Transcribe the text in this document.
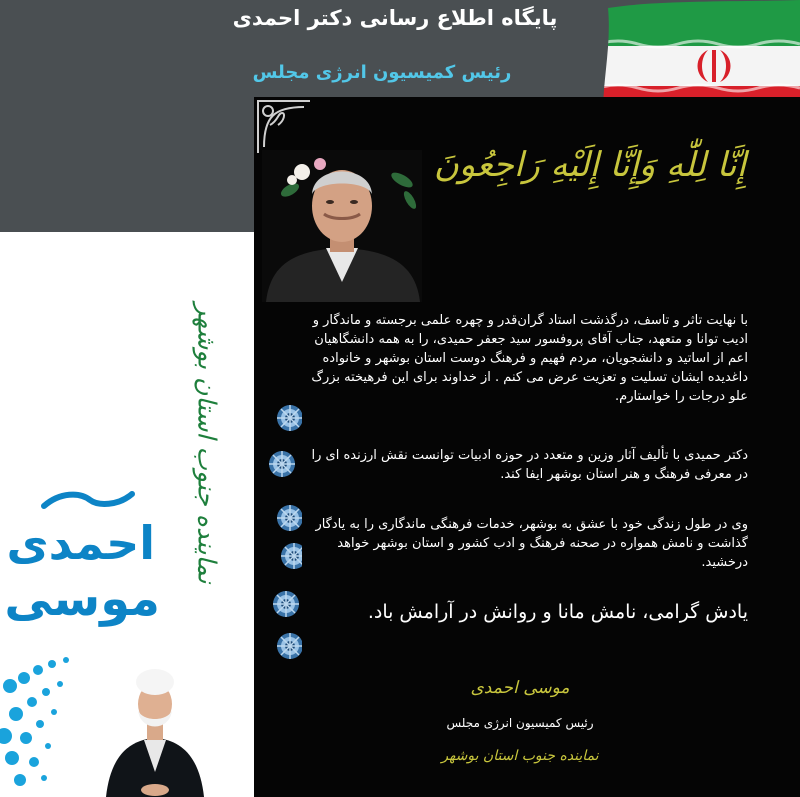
پایگاه اطلاع رسانی دکتر احمدی
رئیس کمیسیون انرژی مجلس
نماینده جنوب استان بوشهر
احمدی
موسی
إِنَّا لِلّٰهِ وَإِنَّا إِلَیْهِ رَاجِعُونَ
با نهایت تاثر و تاسف، درگذشت استاد گران‌قدر و چهره علمی برجسته و ماندگار و ادیب توانا و متعهد، جناب آقای پروفسور سید جعفر حمیدی، را به همه دانشگاهیان اعم از اساتید و دانشجویان، مردم فهیم و فرهنگ دوست استان بوشهر و خانواده داغدیده ایشان تسلیت و تعزیت عرض می کنم . از خداوند برای این فرهیخته بزرگ علو درجات را خواستارم.
دکتر حمیدی با تألیف آثار وزین و متعدد در حوزه ادبیات توانست نقش ارزنده ای را در معرفی فرهنگ و هنر استان بوشهر ایفا کند.
وی در طول زندگی خود با عشق به بوشهر، خدمات فرهنگی ماندگاری را به یادگار گذاشت و نامش همواره در صحنه فرهنگ و ادب کشور و استان بوشهر خواهد درخشید.
یادش گرامی، نامش مانا و روانش در آرامش باد.
موسی احمدی
رئیس کمیسیون انرژی مجلس
نماینده جنوب استان بوشهر
